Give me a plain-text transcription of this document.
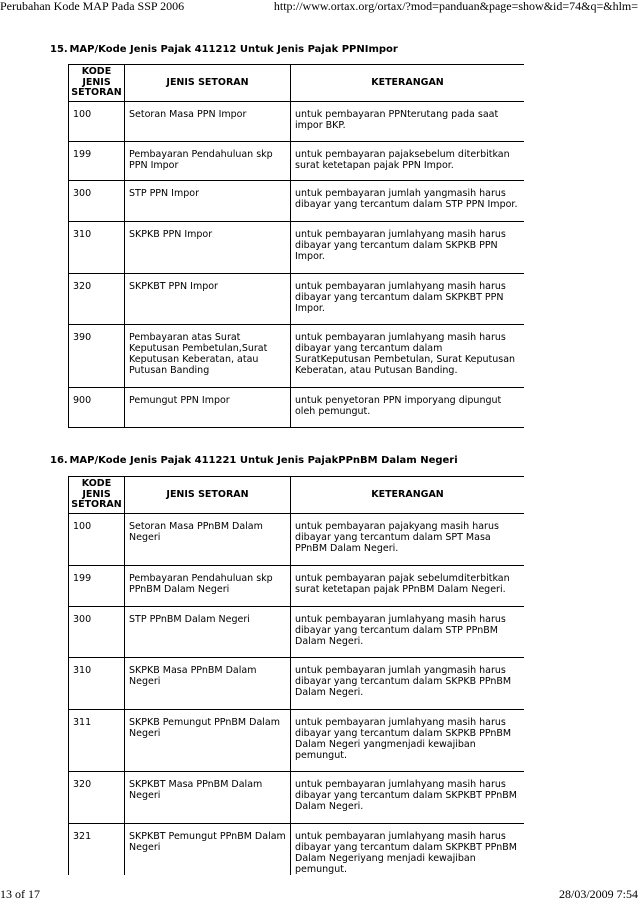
Perubahan Kode MAP Pada SSP 2006	http://www.ortax.org/ortax/?mod=panduan&page=show&id=74&q=&hlm=
15. MAP/Kode Jenis Pajak 411212 Untuk Jenis Pajak PPNImpor
KODE JENIS SETORAN	JENIS SETORAN	KETERANGAN
100	Setoran Masa PPN Impor	untuk pembayaran PPNterutang pada saat impor BKP.
199	Pembayaran Pendahuluan skp PPN Impor	untuk pembayaran pajaksebelum diterbitkan surat ketetapan pajak PPN Impor.
300	STP PPN Impor	untuk pembayaran jumlah yangmasih harus dibayar yang tercantum dalam STP PPN Impor.
310	SKPKB PPN Impor	untuk pembayaran jumlahyang masih harus dibayar yang tercantum dalam SKPKB PPN Impor.
320	SKPKBT PPN Impor	untuk pembayaran jumlahyang masih harus dibayar yang tercantum dalam SKPKBT PPN Impor.
390	Pembayaran atas Surat Keputusan Pembetulan,Surat Keputusan Keberatan, atau Putusan Banding	untuk pembayaran jumlahyang masih harus dibayar yang tercantum dalam SuratKeputusan Pembetulan, Surat Keputusan Keberatan, atau Putusan Banding.
900	Pemungut PPN Impor	untuk penyetoran PPN imporyang dipungut oleh pemungut.
16. MAP/Kode Jenis Pajak 411221 Untuk Jenis PajakPPnBM Dalam Negeri
KODE JENIS SETORAN	JENIS SETORAN	KETERANGAN
100	Setoran Masa PPnBM Dalam Negeri	untuk pembayaran pajakyang masih harus dibayar yang tercantum dalam SPT Masa PPnBM Dalam Negeri.
199	Pembayaran Pendahuluan skp PPnBM Dalam Negeri	untuk pembayaran pajak sebelumditerbitkan surat ketetapan pajak PPnBM Dalam Negeri.
300	STP PPnBM Dalam Negeri	untuk pembayaran jumlahyang masih harus dibayar yang tercantum dalam STP PPnBM Dalam Negeri.
310	SKPKB Masa PPnBM Dalam Negeri	untuk pembayaran jumlah yangmasih harus dibayar yang tercantum dalam SKPKB PPnBM Dalam Negeri.
311	SKPKB Pemungut PPnBM Dalam Negeri	untuk pembayaran jumlahyang masih harus dibayar yang tercantum dalam SKPKB PPnBM Dalam Negeri yangmenjadi kewajiban pemungut.
320	SKPKBT Masa PPnBM Dalam Negeri	untuk pembayaran jumlahyang masih harus dibayar yang tercantum dalam SKPKBT PPnBM Dalam Negeri.
321	SKPKBT Pemungut PPnBM Dalam Negeri	untuk pembayaran jumlahyang masih harus dibayar yang tercantum dalam SKPKBT PPnBM Dalam Negeriyang menjadi kewajiban pemungut.
13 of 17	28/03/2009 7:54
